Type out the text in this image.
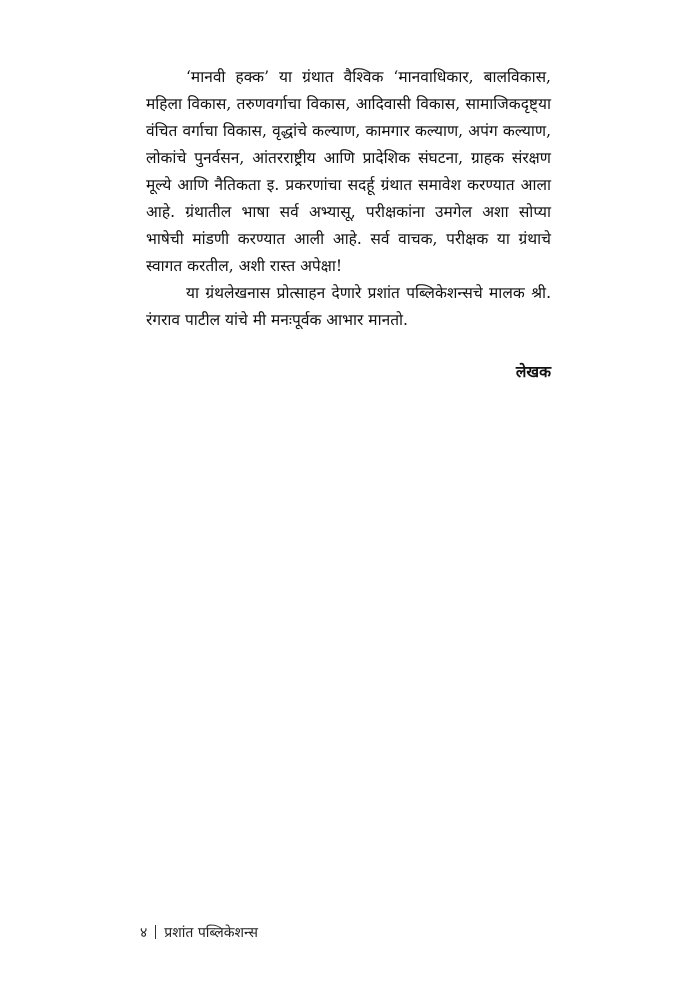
‘मानवी हक्क’ या ग्रंथात वैश्विक ‘मानवाधिकार, बालविकास, महिला विकास, तरुणवर्गाचा विकास, आदिवासी विकास, सामाजिकदृष्ट्या वंचित वर्गाचा विकास, वृद्धांचे कल्याण, कामगार कल्याण, अपंग कल्याण, लोकांचे पुनर्वसन, आंतरराष्ट्रीय आणि प्रादेशिक संघटना, ग्राहक संरक्षण मूल्ये आणि नैतिकता इ. प्रकरणांचा सदर्हू ग्रंथात समावेश करण्यात आला आहे. ग्रंथातील भाषा सर्व अभ्यासू, परीक्षकांना उमगेल अशा सोप्या भाषेची मांडणी करण्यात आली आहे. सर्व वाचक, परीक्षक या ग्रंथाचे स्वागत करतील, अशी रास्त अपेक्षा!

या ग्रंथलेखनास प्रोत्साहन देणारे प्रशांत पब्लिकेशन्सचे मालक श्री. रंगराव पाटील यांचे मी मनःपूर्वक आभार मानतो.

लेखक
४ प्रशांत पब्लिकेशन्स
